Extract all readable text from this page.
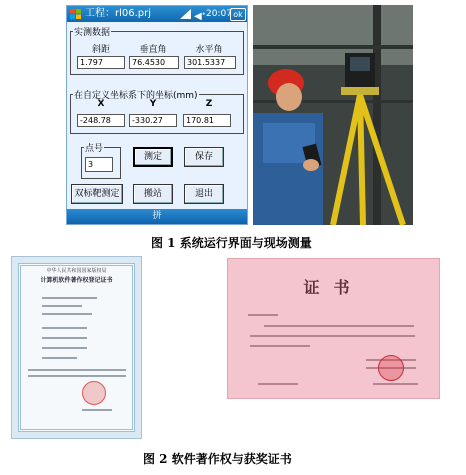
工程：rl06.prj	◀ᐩ 20:07 ok
实测数据
斜距	垂直角	水平角
1.797	76.4530	301.5337
在自定义坐标系下的坐标(mm)
X	Y	Z
-248.78	-330.27	170.81
点号
3
测定	保存
双标靶测定	搬站	退出
拼
图 1 系统运行界面与现场测量
中华人民共和国国家版权局
计算机软件著作权登记证书	证书
图 2 软件著作权与获奖证书
